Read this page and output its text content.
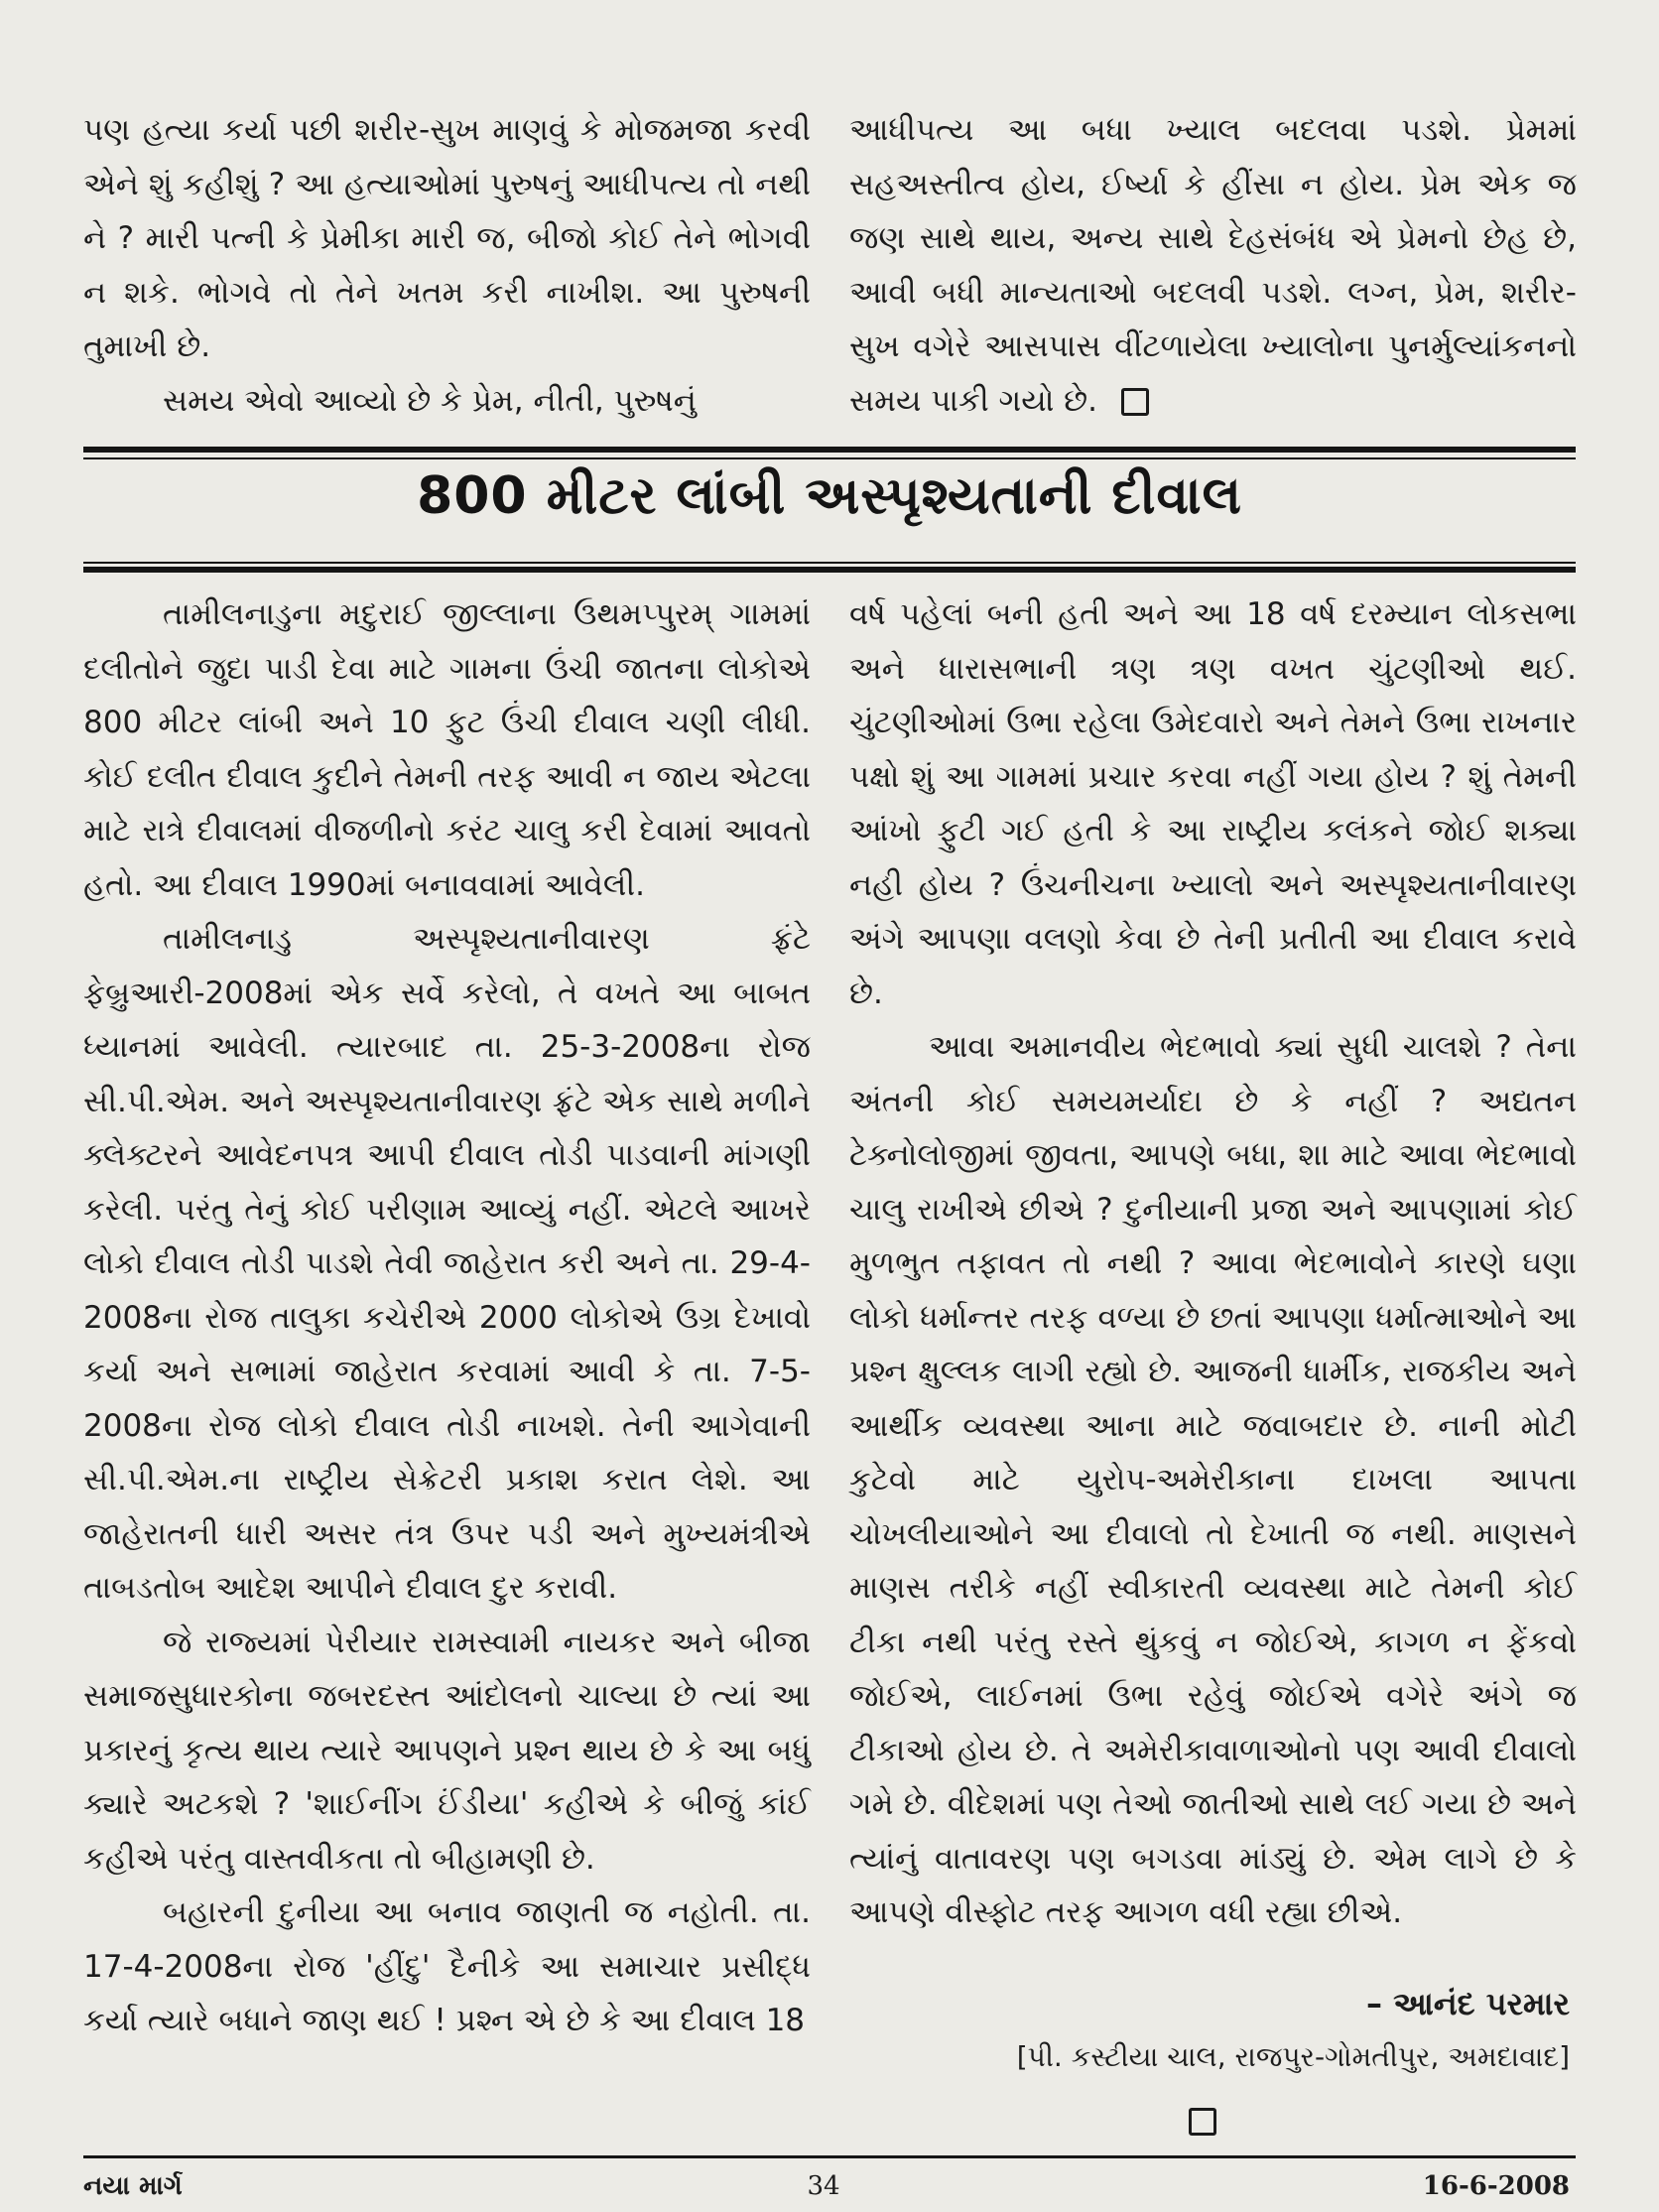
પણ હત્યા કર્યા પછી શરીર-સુખ માણવું કે મોજમજા કરવી એને શું કહીશું ? આ હત્યાઓમાં પુરુષનું આધીપત્ય તો નથી ને ? મારી પત્ની કે પ્રેમીકા મારી જ, બીજો કોઈ તેને ભોગવી ન શકે. ભોગવે તો તેને ખતમ કરી નાખીશ. આ પુરુષની તુમાખી છે.

સમય એવો આવ્યો છે કે પ્રેમ, નીતી, પુરુષનું

આધીપત્ય આ બધા ખ્યાલ બદલવા પડશે. પ્રેમમાં સહઅસ્તીત્વ હોય, ઈર્ષ્યા કે હીંસા ન હોય. પ્રેમ એક જ જણ સાથે થાય, અન્ય સાથે દેહસંબંધ એ પ્રેમનો છેહ છે, આવી બધી માન્યતાઓ બદલવી પડશે. લગ્ન, પ્રેમ, શરીર-સુખ વગેરે આસપાસ વીંટળાયેલા ખ્યાલોના પુનર્મુલ્યાંકનનો સમય પાકી ગયો છે.

800 મીટર લાંબી અસ્પૃશ્યતાની દીવાલ

તામીલનાડુના મદુરાઈ જીલ્લાના ઉથમપ્પુરમ્ ગામમાં દલીતોને જુદા પાડી દેવા માટે ગામના ઉંચી જાતના લોકોએ 800 મીટર લાંબી અને 10 ફુટ ઉંચી દીવાલ ચણી લીધી. કોઈ દલીત દીવાલ કુદીને તેમની તરફ આવી ન જાય એટલા માટે રાત્રે દીવાલમાં વીજળીનો કરંટ ચાલુ કરી દેવામાં આવતો હતો. આ દીવાલ 1990માં બનાવવામાં આવેલી.

તામીલનાડુ અસ્પૃશ્યતાનીવારણ ફ્રંટે ફેબ્રુઆરી-2008માં એક સર્વે કરેલો, તે વખતે આ બાબત ધ્યાનમાં આવેલી. ત્યારબાદ તા. 25-3-2008ના રોજ સી.પી.એમ. અને અસ્પૃશ્યતાનીવારણ ફ્રંટે એક સાથે મળીને ક્લેક્ટરને આવેદનપત્ર આપી દીવાલ તોડી પાડવાની માંગણી કરેલી. પરંતુ તેનું કોઈ પરીણામ આવ્યું નહીં. એટલે આખરે લોકો દીવાલ તોડી પાડશે તેવી જાહેરાત કરી અને તા. 29-4-2008ના રોજ તાલુકા કચેરીએ 2000 લોકોએ ઉગ્ર દેખાવો કર્યા અને સભામાં જાહેરાત કરવામાં આવી કે તા. 7-5-2008ના રોજ લોકો દીવાલ તોડી નાખશે. તેની આગેવાની સી.પી.એમ.ના રાષ્ટ્રીય સેક્રેટરી પ્રકાશ કરાત લેશે. આ જાહેરાતની ધારી અસર તંત્ર ઉપર પડી અને મુખ્યમંત્રીએ તાબડતોબ આદેશ આપીને દીવાલ દુર કરાવી.

જે રાજ્યમાં પેરીયાર રામસ્વામી નાયકર અને બીજા સમાજસુધારકોના જબરદસ્ત આંદોલનો ચાલ્યા છે ત્યાં આ પ્રકારનું કૃત્ય થાય ત્યારે આપણને પ્રશ્ન થાય છે કે આ બધું ક્યારે અટકશે ? 'શાઈનીંગ ઈંડીયા' કહીએ કે બીજું કાંઈ કહીએ પરંતુ વાસ્તવીકતા તો બીહામણી છે.

બહારની દુનીયા આ બનાવ જાણતી જ નહોતી. તા. 17-4-2008ના રોજ 'હીંદુ' દૈનીકે આ સમાચાર પ્રસીદ્ધ કર્યા ત્યારે બધાને જાણ થઈ ! પ્રશ્ન એ છે કે આ દીવાલ 18

વર્ષ પહેલાં બની હતી અને આ 18 વર્ષ દરમ્યાન લોકસભા અને ધારાસભાની ત્રણ ત્રણ વખત ચુંટણીઓ થઈ. ચુંટણીઓમાં ઉભા રહેલા ઉમેદવારો અને તેમને ઉભા રાખનાર પક્ષો શું આ ગામમાં પ્રચાર કરવા નહીં ગયા હોય ? શું તેમની આંખો ફુટી ગઈ હતી કે આ રાષ્ટ્રીય કલંકને જોઈ શક્યા નહી હોય ? ઉંચનીચના ખ્યાલો અને અસ્પૃશ્યતાનીવારણ અંગે આપણા વલણો કેવા છે તેની પ્રતીતી આ દીવાલ કરાવે છે.

આવા અમાનવીય ભેદભાવો ક્યાં સુધી ચાલશે ? તેના અંતની કોઈ સમયમર્યાદા છે કે નહીં ? અદ્યતન ટેક્નોલોજીમાં જીવતા, આપણે બધા, શા માટે આવા ભેદભાવો ચાલુ રાખીએ છીએ ? દુનીયાની પ્રજા અને આપણામાં કોઈ મુળભુત તફાવત તો નથી ? આવા ભેદભાવોને કારણે ઘણા લોકો ધર્માન્તર તરફ વળ્યા છે છતાં આપણા ધર્માત્માઓને આ પ્રશ્ન ક્ષુલ્લક લાગી રહ્યો છે. આજની ધાર્મીક, રાજકીય અને આર્થીક વ્યવસ્થા આના માટે જવાબદાર છે. નાની મોટી કુટેવો માટે યુરોપ-અમેરીકાના દાખલા આપતા ચોખલીયાઓને આ દીવાલો તો દેખાતી જ નથી. માણસને માણસ તરીકે નહીં સ્વીકારતી વ્યવસ્થા માટે તેમની કોઈ ટીકા નથી પરંતુ રસ્તે થુંકવું ન જોઈએ, કાગળ ન ફેંકવો જોઈએ, લાઈનમાં ઉભા રહેવું જોઈએ વગેરે અંગે જ ટીકાઓ હોય છે. તે અમેરીકાવાળાઓનો પણ આવી દીવાલો ગમે છે. વીદેશમાં પણ તેઓ જાતીઓ સાથે લઈ ગયા છે અને ત્યાંનું વાતાવરણ પણ બગડવા માંડ્યું છે. એમ લાગે છે કે આપણે વીસ્ફોટ તરફ આગળ વધી રહ્યા છીએ.

– આનંદ પરમાર
[પી. કસ્ટીયા ચાલ, રાજપુર-ગોમતીપુર, અમદાવાદ]
નયા માર્ગ	34	16-6-2008
